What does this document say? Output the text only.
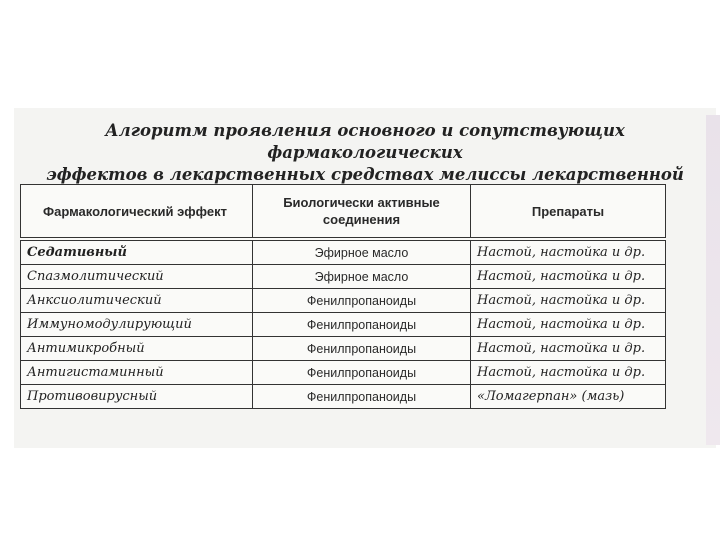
Алгоритм проявления основного и сопутствующих фармакологических
эффектов в лекарственных средствах мелиссы лекарственной
Фармакологический эффект	Биологически активные соединения	Препараты
Седативный	Эфирное масло	Настой, настойка и др.
Спазмолитический	Эфирное масло	Настой, настойка и др.
Анксиолитический	Фенилпропаноиды	Настой, настойка и др.
Иммуномодулирующий	Фенилпропаноиды	Настой, настойка и др.
Антимикробный	Фенилпропаноиды	Настой, настойка и др.
Антигистаминный	Фенилпропаноиды	Настой, настойка и др.
Противовирусный	Фенилпропаноиды	«Ломагерпан» (мазь)
